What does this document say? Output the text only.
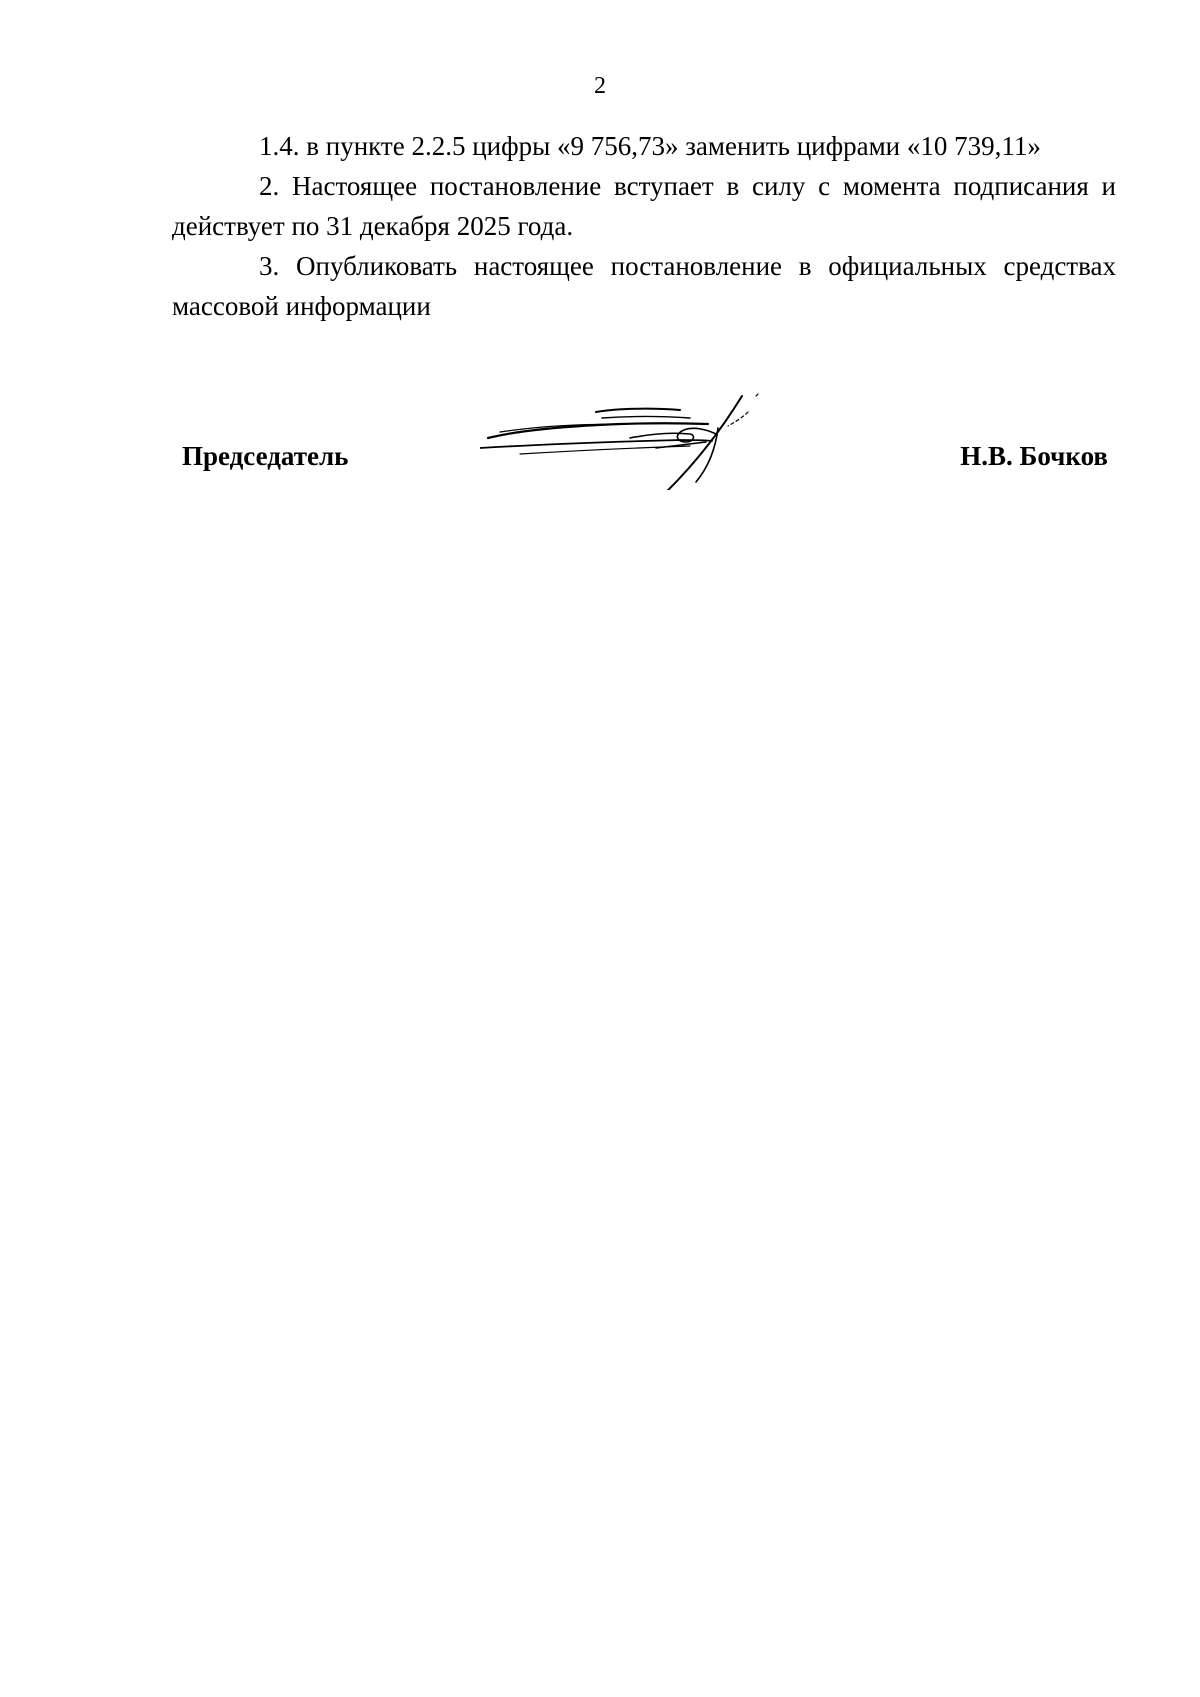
2

1.4. в пункте 2.2.5 цифры «9 756,73» заменить цифрами «10 739,11»

2. Настоящее постановление вступает в силу с момента подписания и действует по 31 декабря 2025 года.

3. Опубликовать настоящее постановление в официальных средствах массовой информации

Председатель	Н.В. Бочков
